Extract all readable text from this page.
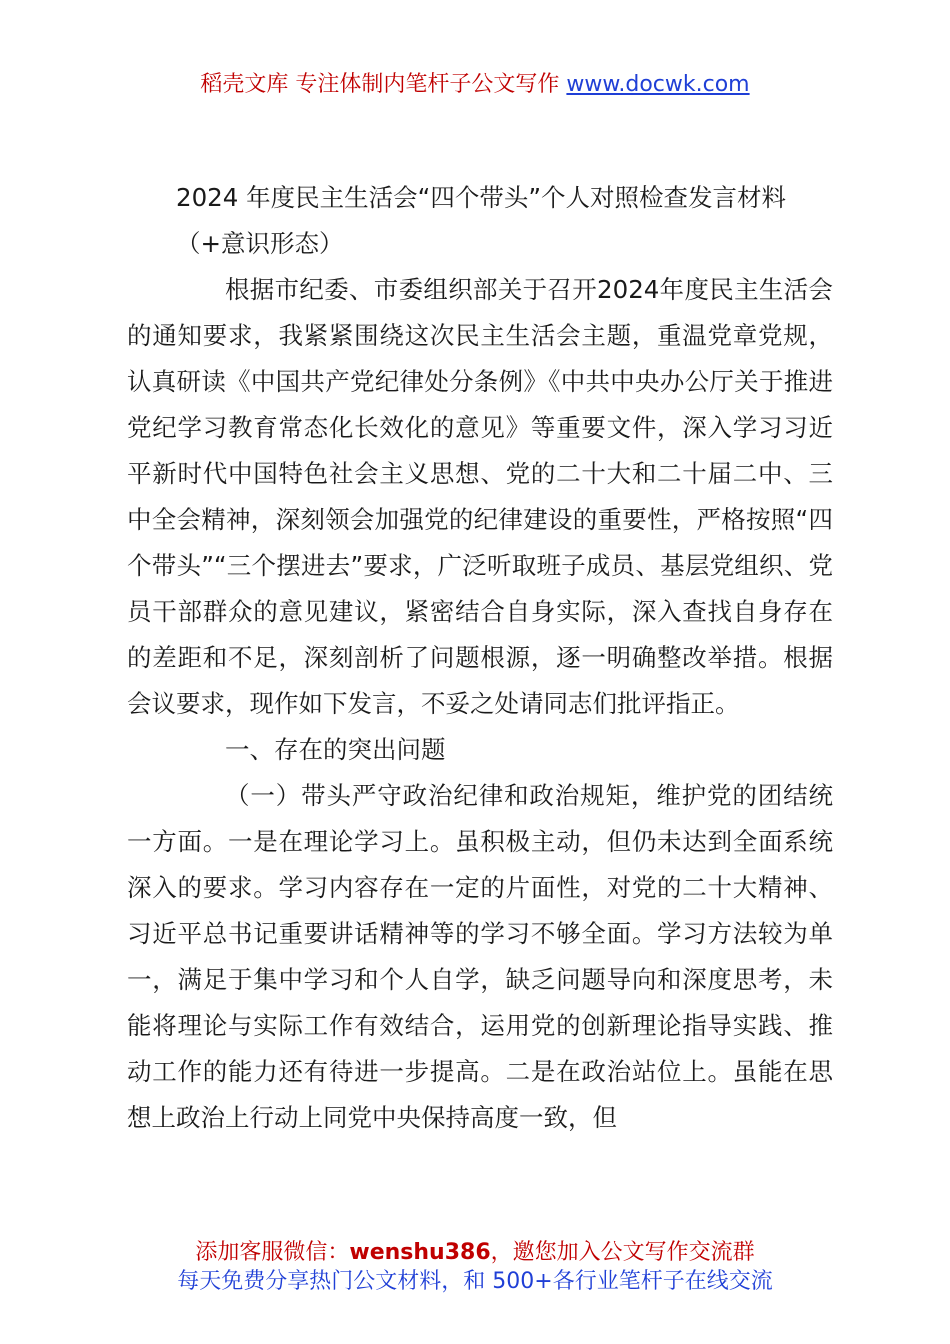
稻壳文库 专注体制内笔杆子公文写作 www.docwk.com

2024 年度民主生活会“四个带头”个人对照检查发言材料（+意识形态）

根据市纪委、市委组织部关于召开2024年度民主生活会的通知要求，我紧紧围绕这次民主生活会主题，重温党章党规，认真研读《中国共产党纪律处分条例》《中共中央办公厅关于推进党纪学习教育常态化长效化的意见》等重要文件，深入学习习近平新时代中国特色社会主义思想、党的二十大和二十届二中、三中全会精神，深刻领会加强党的纪律建设的重要性，严格按照“四个带头”“三个摆进去”要求，广泛听取班子成员、基层党组织、党员干部群众的意见建议，紧密结合自身实际，深入查找自身存在的差距和不足，深刻剖析了问题根源，逐一明确整改举措。根据会议要求，现作如下发言，不妥之处请同志们批评指正。

一、存在的突出问题

（一）带头严守政治纪律和政治规矩，维护党的团结统一方面。一是在理论学习上。虽积极主动，但仍未达到全面系统深入的要求。学习内容存在一定的片面性，对党的二十大精神、习近平总书记重要讲话精神等的学习不够全面。学习方法较为单一，满足于集中学习和个人自学，缺乏问题导向和深度思考，未能将理论与实际工作有效结合，运用党的创新理论指导实践、推动工作的能力还有待进一步提高。二是在政治站位上。虽能在思想上政治上行动上同党中央保持高度一致，但

添加客服微信：wenshu386，邀您加入公文写作交流群
每天免费分享热门公文材料，和 500+各行业笔杆子在线交流
